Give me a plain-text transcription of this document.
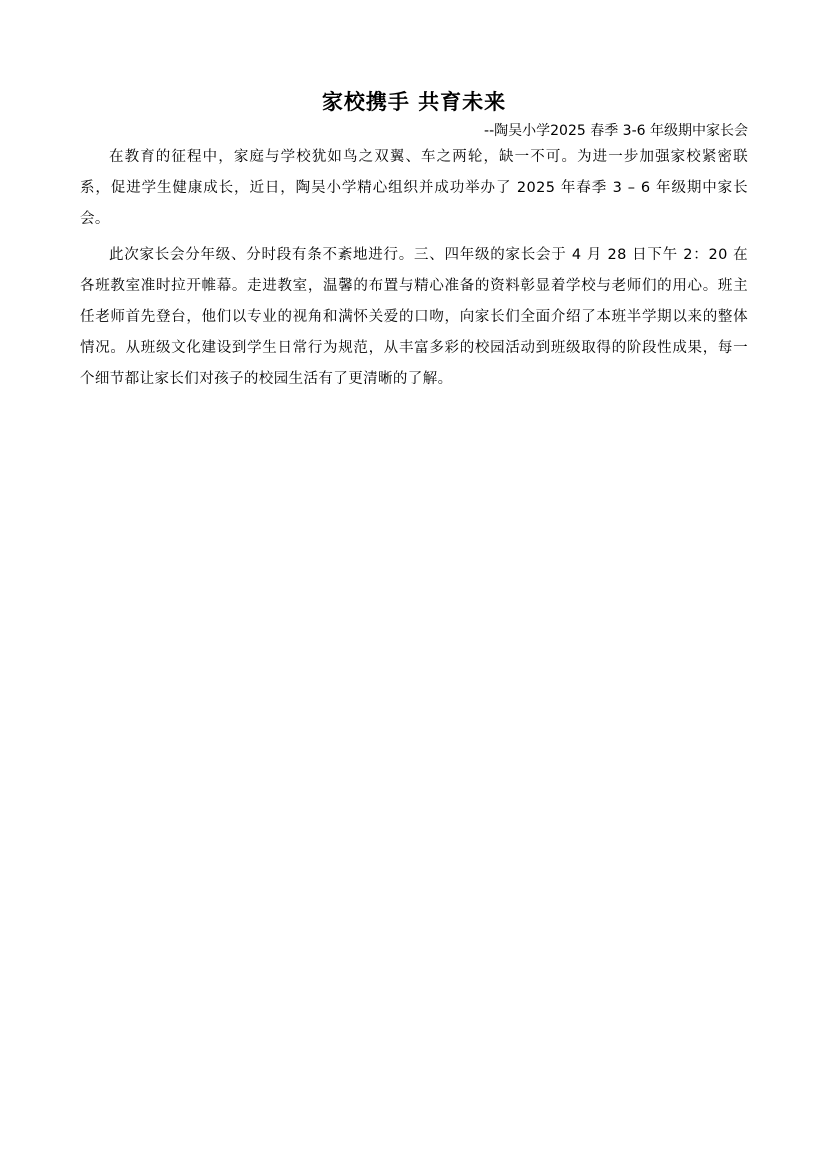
家校携手 共育未来
--陶吴小学2025 春季 3-6 年级期中家长会

在教育的征程中，家庭与学校犹如鸟之双翼、车之两轮，缺一不可。为进一步加强家校紧密联系，促进学生健康成长，近日，陶吴小学精心组织并成功举办了 2025 年春季 3 – 6 年级期中家长会。

此次家长会分年级、分时段有条不紊地进行。三、四年级的家长会于 4 月 28 日下午 2：20 在各班教室准时拉开帷幕。走进教室，温馨的布置与精心准备的资料彰显着学校与老师们的用心。班主任老师首先登台，他们以专业的视角和满怀关爱的口吻，向家长们全面介绍了本班半学期以来的整体情况。从班级文化建设到学生日常行为规范，从丰富多彩的校园活动到班级取得的阶段性成果，每一个细节都让家长们对孩子的校园生活有了更清晰的了解。
